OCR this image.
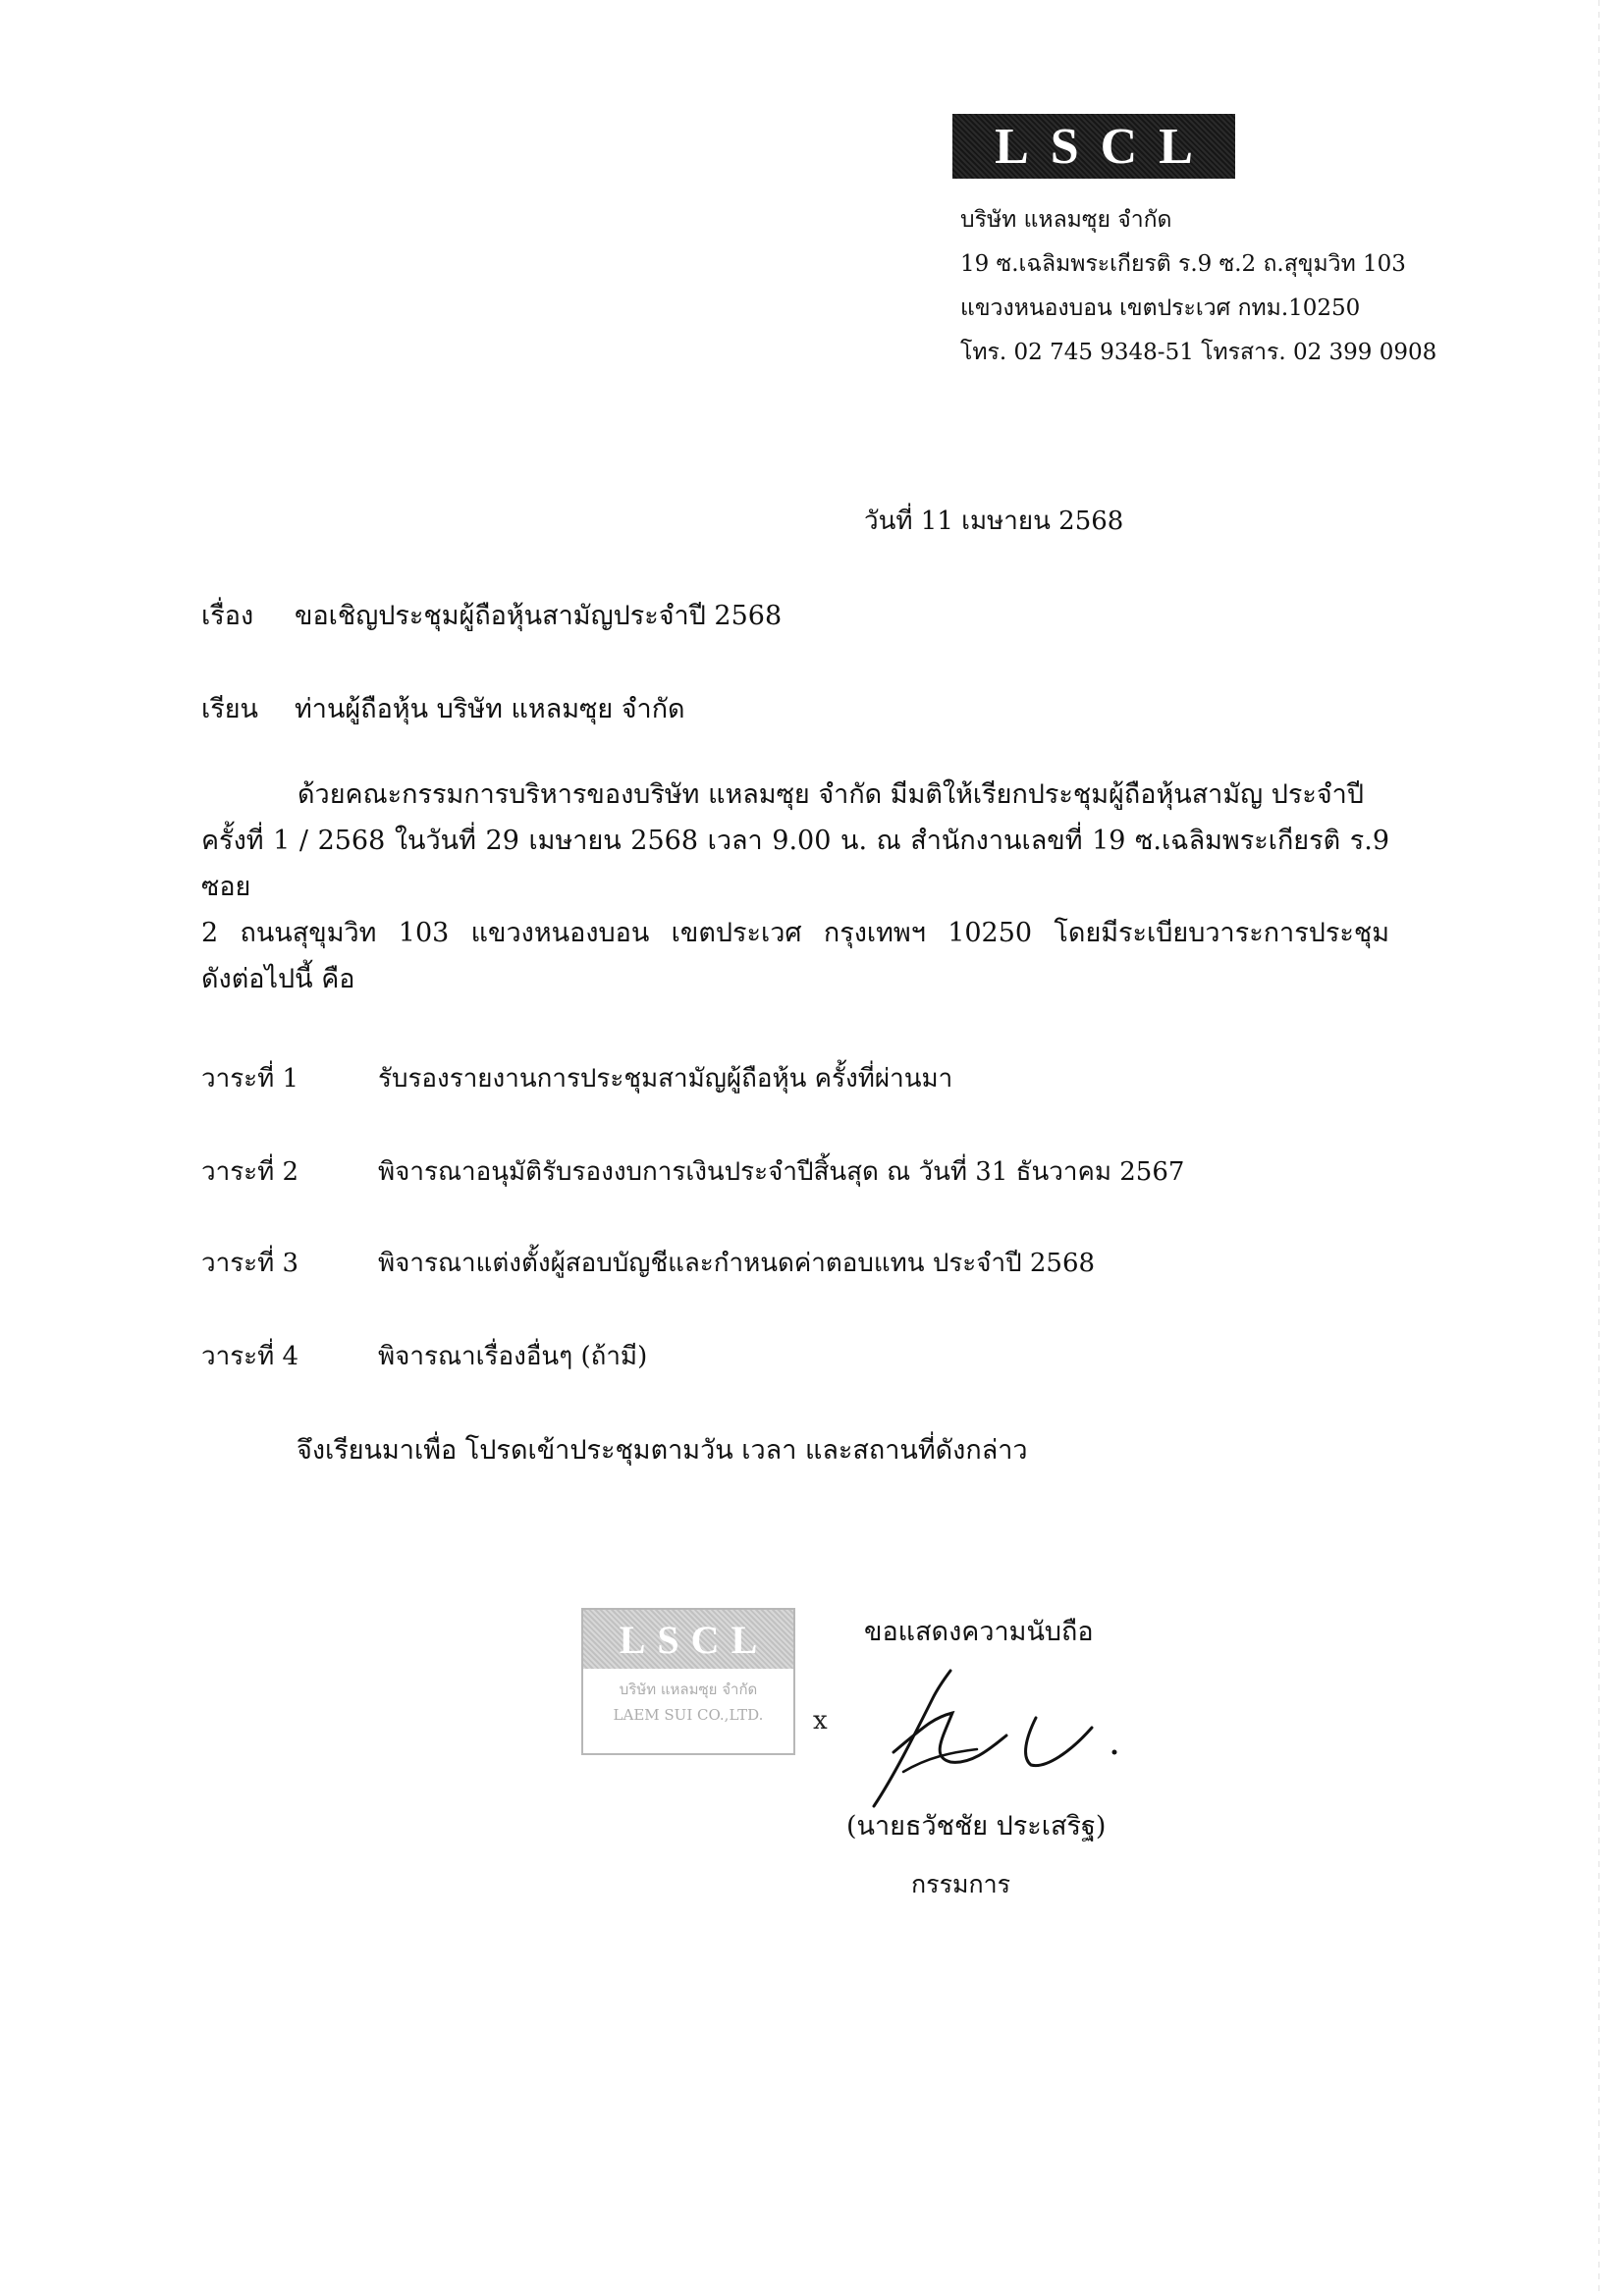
LSCL
บริษัท แหลมซุย จำกัด
19 ซ.เฉลิมพระเกียรติ ร.9 ซ.2 ถ.สุขุมวิท 103
แขวงหนองบอน เขตประเวศ กทม.10250
โทร. 02 745 9348-51 โทรสาร. 02 399 0908
วันที่ 11 เมษายน 2568
เรื่อง ขอเชิญประชุมผู้ถือหุ้นสามัญประจำปี 2568
เรียน ท่านผู้ถือหุ้น บริษัท แหลมซุย จำกัด
ด้วยคณะกรรมการบริหารของบริษัท แหลมซุย จำกัด มีมติให้เรียกประชุมผู้ถือหุ้นสามัญ ประจำปี
ครั้งที่ 1 / 2568 ในวันที่ 29 เมษายน 2568 เวลา 9.00 น. ณ สำนักงานเลขที่ 19 ซ.เฉลิมพระเกียรติ ร.9 ซอย
2 ถนนสุขุมวิท 103 แขวงหนองบอน เขตประเวศ กรุงเทพฯ 10250 โดยมีระเบียบวาระการประชุม
ดังต่อไปนี้ คือ
วาระที่ 1	รับรองรายงานการประชุมสามัญผู้ถือหุ้น ครั้งที่ผ่านมา
วาระที่ 2	พิจารณาอนุมัติรับรองงบการเงินประจำปีสิ้นสุด ณ วันที่ 31 ธันวาคม 2567
วาระที่ 3	พิจารณาแต่งตั้งผู้สอบบัญชีและกำหนดค่าตอบแทน ประจำปี 2568
วาระที่ 4	พิจารณาเรื่องอื่นๆ (ถ้ามี)
จึงเรียนมาเพื่อ โปรดเข้าประชุมตามวัน เวลา และสถานที่ดังกล่าว
LSCL
บริษัท แหลมซุย จำกัด
LAEM SUI CO.,LTD.
ขอแสดงความนับถือ
x
(นายธวัชชัย ประเสริฐ)
กรรมการ
